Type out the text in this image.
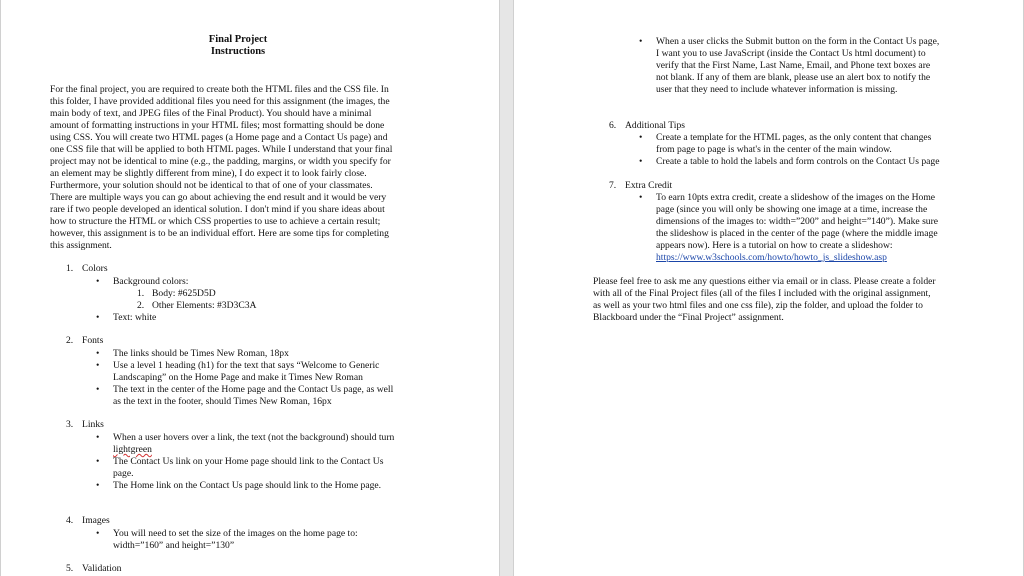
Final Project
Instructions
For the final project, you are required to create both the HTML files and the CSS file. In
this folder, I have provided additional files you need for this assignment (the images, the
main body of text, and JPEG files of the Final Product). You should have a minimal
amount of formatting instructions in your HTML files; most formatting should be done
using CSS. You will create two HTML pages (a Home page and a Contact Us page) and
one CSS file that will be applied to both HTML pages. While I understand that your final
project may not be identical to mine (e.g., the padding, margins, or width you specify for
an element may be slightly different from mine), I do expect it to look fairly close.
Furthermore, your solution should not be identical to that of one of your classmates.
There are multiple ways you can go about achieving the end result and it would be very
rare if two people developed an identical solution. I don't mind if you share ideas about
how to structure the HTML or which CSS properties to use to achieve a certain result;
however, this assignment is to be an individual effort. Here are some tips for completing
this assignment.
1. Colors
• Background colors:
1. Body: #625D5D
2. Other Elements: #3D3C3A
• Text: white
2. Fonts
• The links should be Times New Roman, 18px
• Use a level 1 heading (h1) for the text that says “Welcome to Generic
Landscaping” on the Home Page and make it Times New Roman
• The text in the center of the Home page and the Contact Us page, as well
as the text in the footer, should Times New Roman, 16px
3. Links
• When a user hovers over a link, the text (not the background) should turn
lightgreen
• The Contact Us link on your Home page should link to the Contact Us
page.
• The Home link on the Contact Us page should link to the Home page.
4. Images
• You will need to set the size of the images on the home page to:
width=”160” and height=”130”
5. Validation
• When a user clicks the Submit button on the form in the Contact Us page,
I want you to use JavaScript (inside the Contact Us html document) to
verify that the First Name, Last Name, Email, and Phone text boxes are
not blank. If any of them are blank, please use an alert box to notify the
user that they need to include whatever information is missing.
6. Additional Tips
• Create a template for the HTML pages, as the only content that changes
from page to page is what's in the center of the main window.
• Create a table to hold the labels and form controls on the Contact Us page
7. Extra Credit
• To earn 10pts extra credit, create a slideshow of the images on the Home
page (since you will only be showing one image at a time, increase the
dimensions of the images to: width=”200” and height=”140”). Make sure
the slideshow is placed in the center of the page (where the middle image
appears now). Here is a tutorial on how to create a slideshow:
https://www.w3schools.com/howto/howto_js_slideshow.asp
Please feel free to ask me any questions either via email or in class. Please create a folder
with all of the Final Project files (all of the files I included with the original assignment,
as well as your two html files and one css file), zip the folder, and upload the folder to
Blackboard under the “Final Project” assignment.
